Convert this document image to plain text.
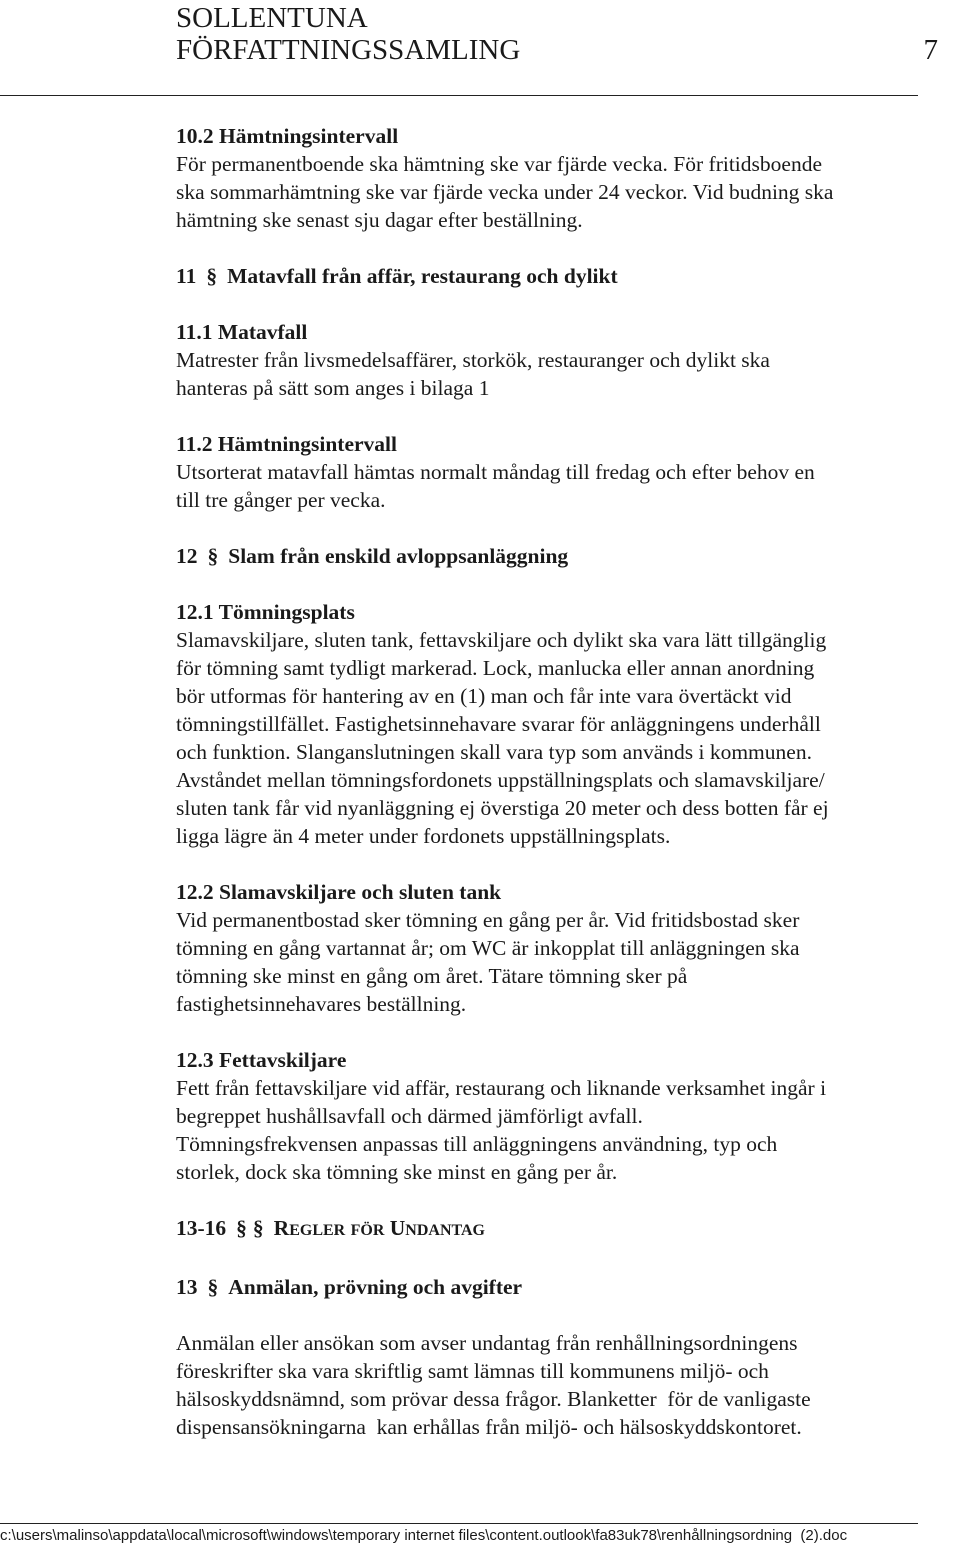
SOLLENTUNA
FÖRFATTNINGSSAMLING	7

10.2 Hämtningsintervall

För permanentboende ska hämtning ske var fjärde vecka. För fritidsboende

ska sommarhämtning ske var fjärde vecka under 24 veckor. Vid budning ska

hämtning ske senast sju dagar efter beställning.

11 § Matavfall från affär, restaurang och dylikt

11.1 Matavfall

Matrester från livsmedelsaffärer, storkök, restauranger och dylikt ska

hanteras på sätt som anges i bilaga 1

11.2 Hämtningsintervall

Utsorterat matavfall hämtas normalt måndag till fredag och efter behov en

till tre gånger per vecka.

12 § Slam från enskild avloppsanläggning

12.1 Tömningsplats

Slamavskiljare, sluten tank, fettavskiljare och dylikt ska vara lätt tillgänglig

för tömning samt tydligt markerad. Lock, manlucka eller annan anordning

bör utformas för hantering av en (1) man och får inte vara övertäckt vid

tömningstillfället. Fastighetsinnehavare svarar för anläggningens underhåll

och funktion. Slanganslutningen skall vara typ som används i kommunen.

Avståndet mellan tömningsfordonets uppställningsplats och slamavskiljare/

sluten tank får vid nyanläggning ej överstiga 20 meter och dess botten får ej

ligga lägre än 4 meter under fordonets uppställningsplats.

12.2 Slamavskiljare och sluten tank

Vid permanentbostad sker tömning en gång per år. Vid fritidsbostad sker

tömning en gång vartannat år; om WC är inkopplat till anläggningen ska

tömning ske minst en gång om året. Tätare tömning sker på

fastighetsinnehavares beställning.

12.3 Fettavskiljare

Fett från fettavskiljare vid affär, restaurang och liknande verksamhet ingår i

begreppet hushållsavfall och därmed jämförligt avfall.

Tömningsfrekvensen anpassas till anläggningens användning, typ och

storlek, dock ska tömning ske minst en gång per år.

13-16 § § REGLER FÖR UNDANTAG

13 § Anmälan, prövning och avgifter

Anmälan eller ansökan som avser undantag från renhållningsordningens

föreskrifter ska vara skriftlig samt lämnas till kommunens miljö- och

hälsoskyddsnämnd, som prövar dessa frågor. Blanketter  för de vanligaste

dispensansökningarna  kan erhållas från miljö- och hälsoskyddskontoret.

c:\users\malinso\appdata\local\microsoft\windows\temporary internet files\content.outlook\fa83uk78\renhållningsordning  (2).doc
